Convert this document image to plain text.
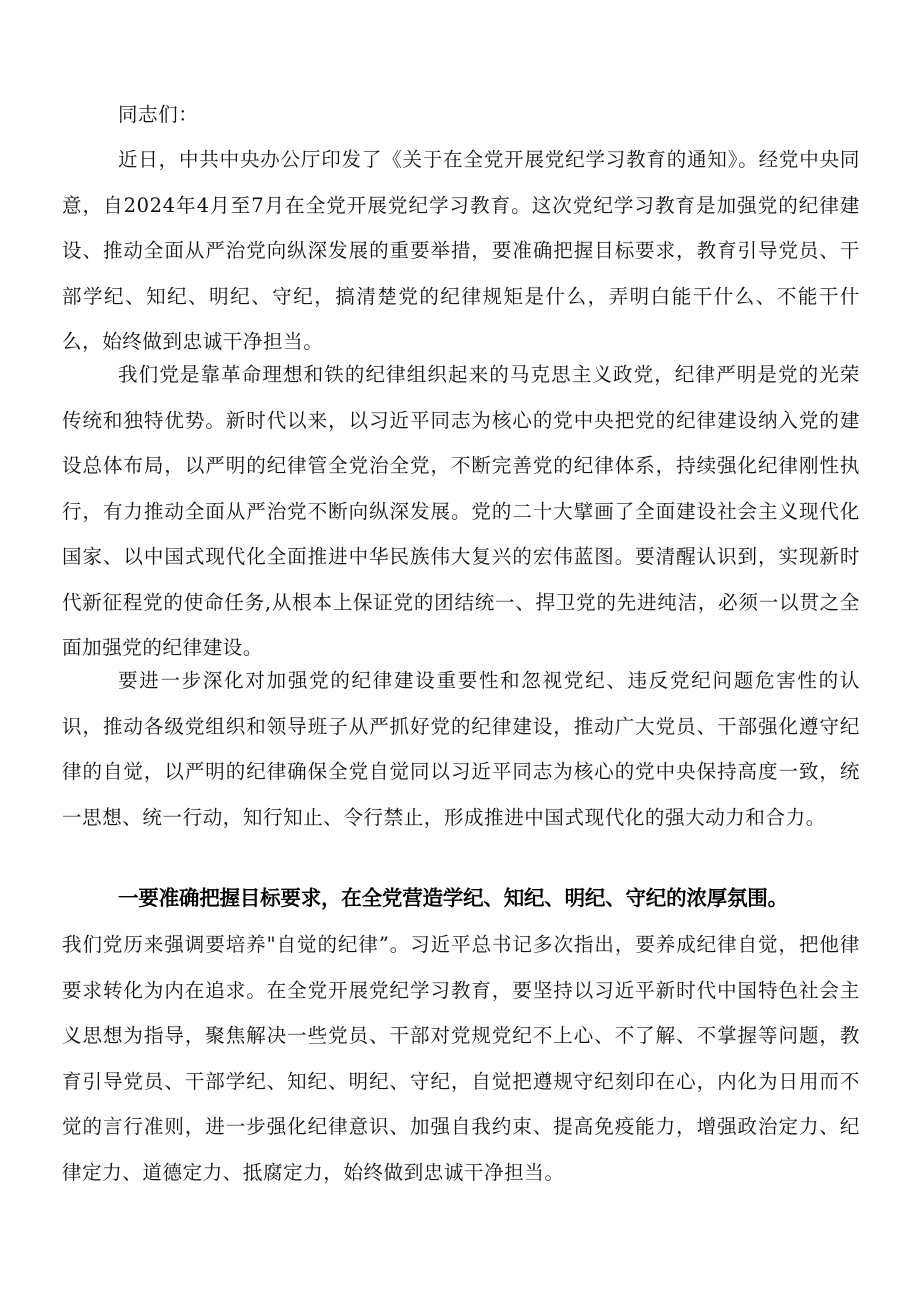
同志们：

近日，中共中央办公厅印发了《关于在全党开展党纪学习教育的通知》。经党中央同意，自2024年4月至7月在全党开展党纪学习教育。这次党纪学习教育是加强党的纪律建设、推动全面从严治党向纵深发展的重要举措，要准确把握目标要求，教育引导党员、干部学纪、知纪、明纪、守纪，搞清楚党的纪律规矩是什么，弄明白能干什么、不能干什么，始终做到忠诚干净担当。

我们党是靠革命理想和铁的纪律组织起来的马克思主义政党，纪律严明是党的光荣传统和独特优势。新时代以来，以习近平同志为核心的党中央把党的纪律建设纳入党的建设总体布局，以严明的纪律管全党治全党，不断完善党的纪律体系，持续强化纪律刚性执行，有力推动全面从严治党不断向纵深发展。党的二十大擘画了全面建设社会主义现代化国家、以中国式现代化全面推进中华民族伟大复兴的宏伟蓝图。要清醒认识到，实现新时代新征程党的使命任务,从根本上保证党的团结统一、捍卫党的先进纯洁，必须一以贯之全面加强党的纪律建设。

要进一步深化对加强党的纪律建设重要性和忽视党纪、违反党纪问题危害性的认识，推动各级党组织和领导班子从严抓好党的纪律建设，推动广大党员、干部强化遵守纪律的自觉，以严明的纪律确保全党自觉同以习近平同志为核心的党中央保持高度一致，统一思想、统一行动，知行知止、令行禁止，形成推进中国式现代化的强大动力和合力。

一要准确把握目标要求，在全党营造学纪、知纪、明纪、守纪的浓厚氛围。

我们党历来强调要培养"自觉的纪律”。习近平总书记多次指出，要养成纪律自觉，把他律要求转化为内在追求。在全党开展党纪学习教育，要坚持以习近平新时代中国特色社会主义思想为指导，聚焦解决一些党员、干部对党规党纪不上心、不了解、不掌握等问题，教育引导党员、干部学纪、知纪、明纪、守纪，自觉把遵规守纪刻印在心，内化为日用而不觉的言行准则，进一步强化纪律意识、加强自我约束、提高免疫能力，增强政治定力、纪律定力、道德定力、抵腐定力，始终做到忠诚干净担当。
